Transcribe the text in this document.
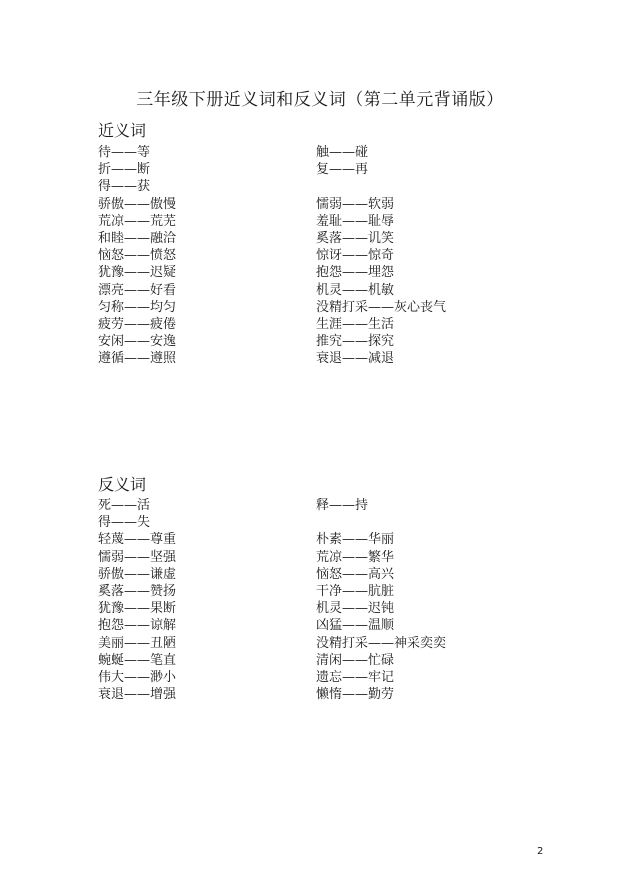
三年级下册近义词和反义词（第二单元背诵版）
近义词
待——等
折——断
得——获
骄傲——傲慢
荒凉——荒芜
和睦——融洽
恼怒——愤怒
犹豫——迟疑
漂亮——好看
匀称——均匀
疲劳——疲倦
安闲——安逸
遵循——遵照
触——碰
复——再
懦弱——软弱
羞耻——耻辱
奚落——讥笑
惊讶——惊奇
抱怨——埋怨
机灵——机敏
没精打采——灰心丧气
生涯——生活
推究——探究
衰退——减退
反义词
死——活
得——失
轻蔑——尊重
懦弱——坚强
骄傲——谦虚
奚落——赞扬
犹豫——果断
抱怨——谅解
美丽——丑陋
蜿蜒——笔直
伟大——渺小
衰退——增强
释——持
朴素——华丽
荒凉——繁华
恼怒——高兴
干净——肮脏
机灵——迟钝
凶猛——温顺
没精打采——神采奕奕
清闲——忙碌
遗忘——牢记
懒惰——勤劳
2
